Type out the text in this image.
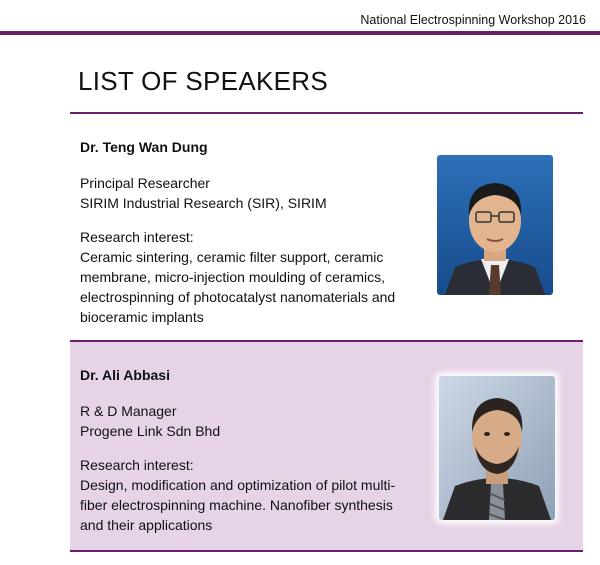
National Electrospinning Workshop 2016
LIST OF SPEAKERS
Dr. Teng Wan Dung
Principal Researcher
SIRIM Industrial Research (SIR), SIRIM
Research interest:
Ceramic sintering, ceramic filter support, ceramic membrane, micro-injection moulding of ceramics, electrospinning of photocatalyst nanomaterials and bioceramic implants
Dr. Ali Abbasi
R & D Manager
Progene Link Sdn Bhd
Research interest:
Design, modification and optimization of pilot multi-fiber electrospinning machine. Nanofiber synthesis and their applications
